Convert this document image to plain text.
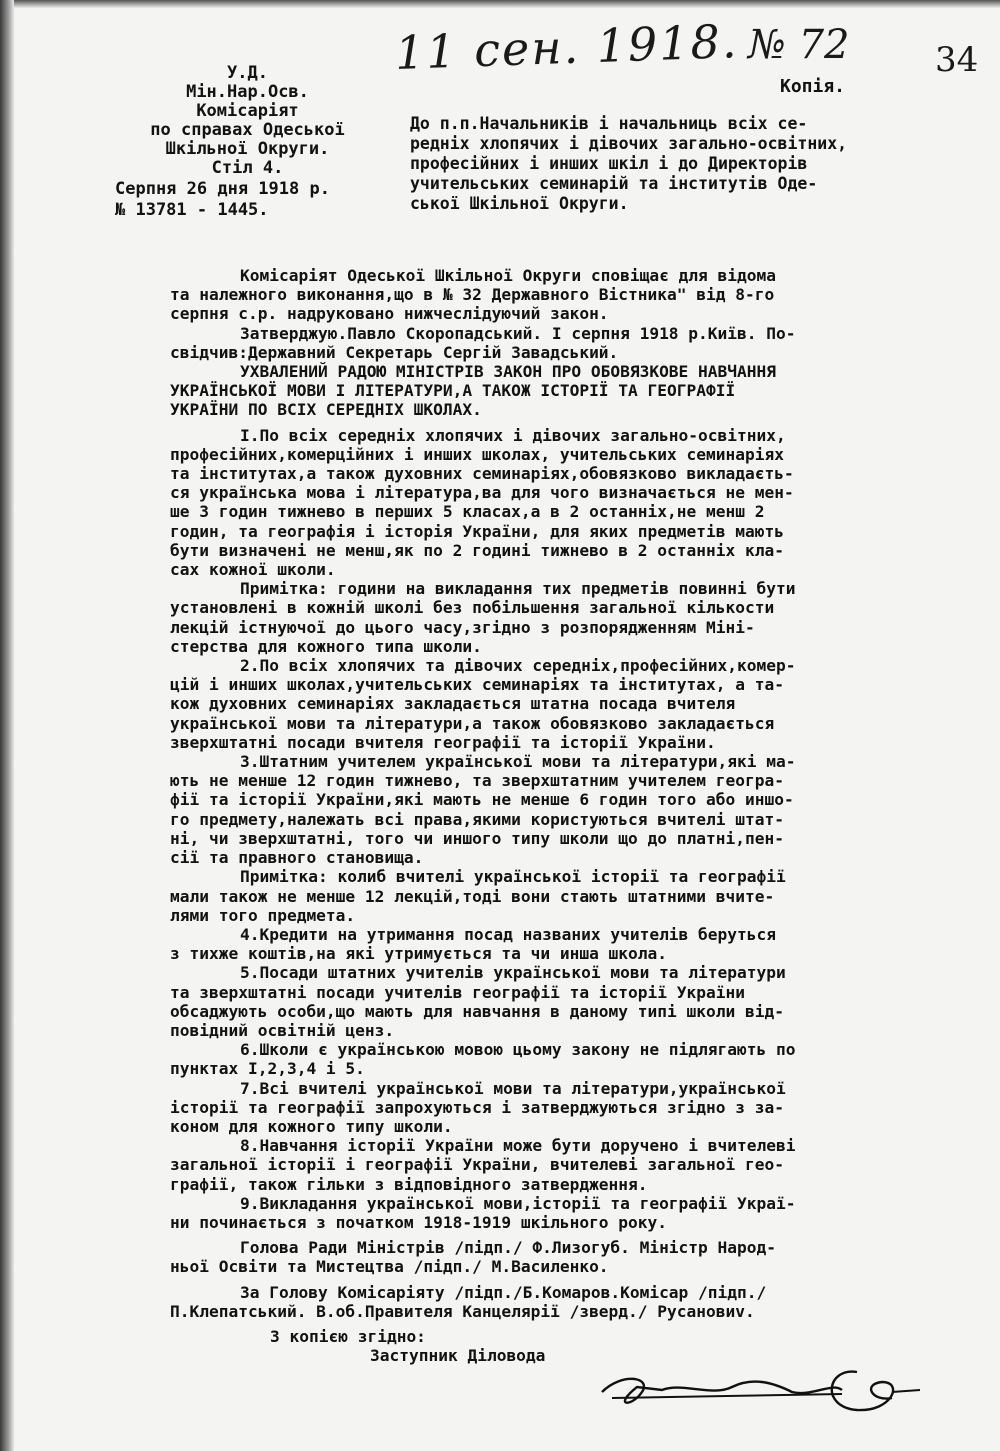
11 сен. 1918. № 72	34
У.Д.
Мін.Нар.Осв.
Комісаріят
по справах Одеської
Шкільної Округи.
Стіл 4.
Серпня 26 дня 1918 р.
№ 13781 - 1445.
Копія.
До п.п.Начальників і начальниць всіх се-
редніх хлопячих і дівочих загально-освітних,
професійних і инших шкіл і до Директорів
учительських семинарій та інститутів Оде-
ської Шкільної Округи.
Комісаріят Одеської Шкільної Округи сповіщає для відома
та належного виконання,що в № 32 Державного Вістника" від 8-го
серпня с.р. надруковано нижчеслідуючий закон.
Затверджую.Павло Скоропадський. І серпня 1918 р.Київ. По-
свідчив:Державний Секретарь Сергій Завадський.
УХВАЛЕНИЙ РАДОЮ МІНІСТРІВ ЗАКОН ПРО ОБОВЯЗКОВЕ НАВЧАННЯ
УКРАЇНСЬКОЇ МОВИ І ЛІТЕРАТУРИ,А ТАКОЖ ІСТОРІЇ ТА ГЕОГРАФІЇ
УКРАЇНИ ПО ВСІХ СЕРЕДНІХ ШКОЛАХ.
І.По всіх середніх хлопячих і дівочих загально-освітних,
професійних,комерційних і инших школах, учительських семинаріях
та інститутах,а також духовних семинаріях,обовязково викладаєть-
ся українська мова і література,ва для чого визначається не мен-
ше 3 годин тижнево в перших 5 класах,а в 2 останніх,не менш 2
годин, та географія і історія України, для яких предметів мають
бути визначені не менш,як по 2 годині тижнево в 2 останніх кла-
сах кожної школи.
Примітка: години на викладання тих предметів повинні бути
установлені в кожній школі без побільшення загальної кількости
лекцій істнуючої до цього часу,згідно з розпорядженням Міні-
стерства для кожного типа школи.
2.По всіх хлопячих та дівочих середніх,професійних,комер-
цій і инших школах,учительських семинаріях та інститутах, а та-
кож духовних семинаріях закладається штатна посада вчителя
української мови та літератури,а також обовязково закладається
зверхштатні посади вчителя географії та історії України.
3.Штатним учителем української мови та літератури,які ма-
ють не менше 12 годин тижнево, та зверхштатним учителем геогра-
фії та історії України,які мають не менше 6 годин того або иншо-
го предмету,належать всі права,якими користуються вчителі штат-
ні, чи зверхштатні, того чи иншого типу школи що до платні,пен-
сії та правного становища.
Примітка: колиб вчителі української історії та географії
мали також не менше 12 лекцій,тоді вони стають штатними вчите-
лями того предмета.
4.Кредити на утримання посад названих учителів беруться
з тихже коштів,на які утримується та чи инша школа.
5.Посади штатних учителів української мови та літератури
та зверхштатні посади учителів географії та історії України
обсаджують особи,що мають для навчання в даному типі школи від-
повідний освітній ценз.
6.Школи є українською мовою цьому закону не підлягають по
пунктах І,2,3,4 і 5.
7.Всі вчителі української мови та літератури,української
історії та географії запрохуються і затверджуються згідно з за-
коном для кожного типу школи.
8.Навчання історії України може бути доручено і вчителеві
загальної історії і географії України, вчителеві загальної гео-
графії, також гільки з відповідного затвердження.
9.Викладання української мови,історії та географії Украї-
ни починається з початком 1918-1919 шкільного року.
Голова Ради Міністрів /підп./ Ф.Лизогуб. Міністр Народ-
ньої Освіти та Мистецтва /підп./ М.Василенко.
За Голову Комісаріяту /підп./Б.Комаров.Комісар /підп./
П.Клепатський. В.об.Правителя Канцелярії /зверд./ Русановиv.
З копією згідно:
Заступник Діловода
